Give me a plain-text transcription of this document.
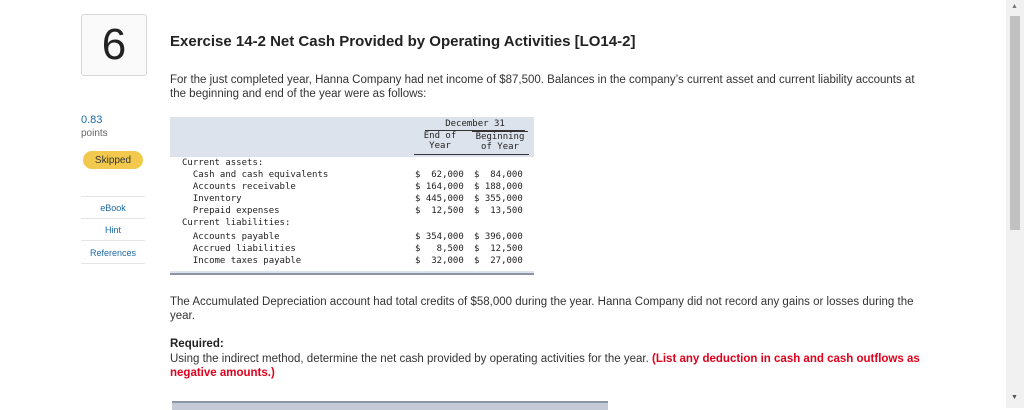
6
0.83
points
Skipped
eBook
Hint
References
Exercise 14-2 Net Cash Provided by Operating Activities [LO14-2]
For the just completed year, Hanna Company had net income of $87,500. Balances in the company’s current asset and current liability accounts at the beginning and end of the year were as follows:
December 31
End of
Year
Beginning
of Year
Current assets:
Cash and cash equivalents	$  62,000	$  84,000
Accounts receivable	$ 164,000	$ 188,000
Inventory	$ 445,000	$ 355,000
Prepaid expenses	$  12,500	$  13,500
Current liabilities:
Accounts payable	$ 354,000	$ 396,000
Accrued liabilities	$   8,500	$  12,500
Income taxes payable	$  32,000	$  27,000
The Accumulated Depreciation account had total credits of $58,000 during the year. Hanna Company did not record any gains or losses during the year.
Required:
Using the indirect method, determine the net cash provided by operating activities for the year. (List any deduction in cash and cash outflows as negative amounts.)
▲
▼
